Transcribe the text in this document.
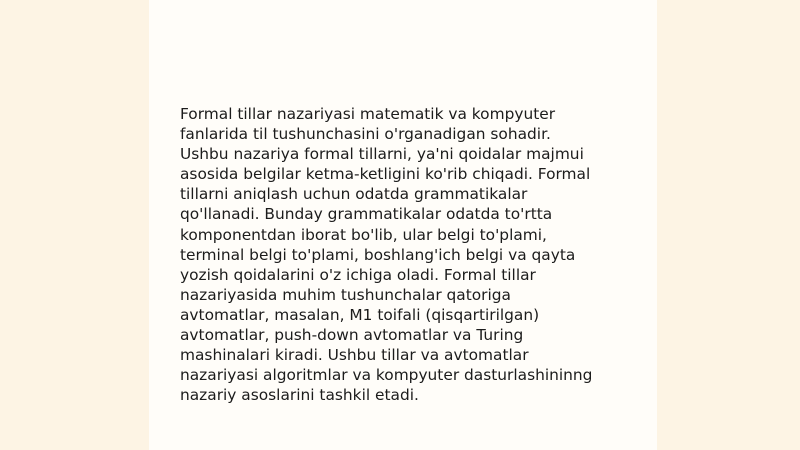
Formal tillar nazariyasi matematik va kompyuter
fanlarida til tushunchasini o'rganadigan sohadir.
Ushbu nazariya formal tillarni, ya'ni qoidalar majmui
asosida belgilar ketma-ketligini ko'rib chiqadi. Formal
tillarni aniqlash uchun odatda grammatikalar
qo'llanadi. Bunday grammatikalar odatda to'rtta
komponentdan iborat bo'lib, ular belgi to'plami,
terminal belgi to'plami, boshlang'ich belgi va qayta
yozish qoidalarini o'z ichiga oladi. Formal tillar
nazariyasida muhim tushunchalar qatoriga
avtomatlar, masalan, M1 toifali (qisqartirilgan)
avtomatlar, push-down avtomatlar va Turing
mashinalari kiradi. Ushbu tillar va avtomatlar
nazariyasi algoritmlar va kompyuter dasturlashininng
nazariy asoslarini tashkil etadi.
